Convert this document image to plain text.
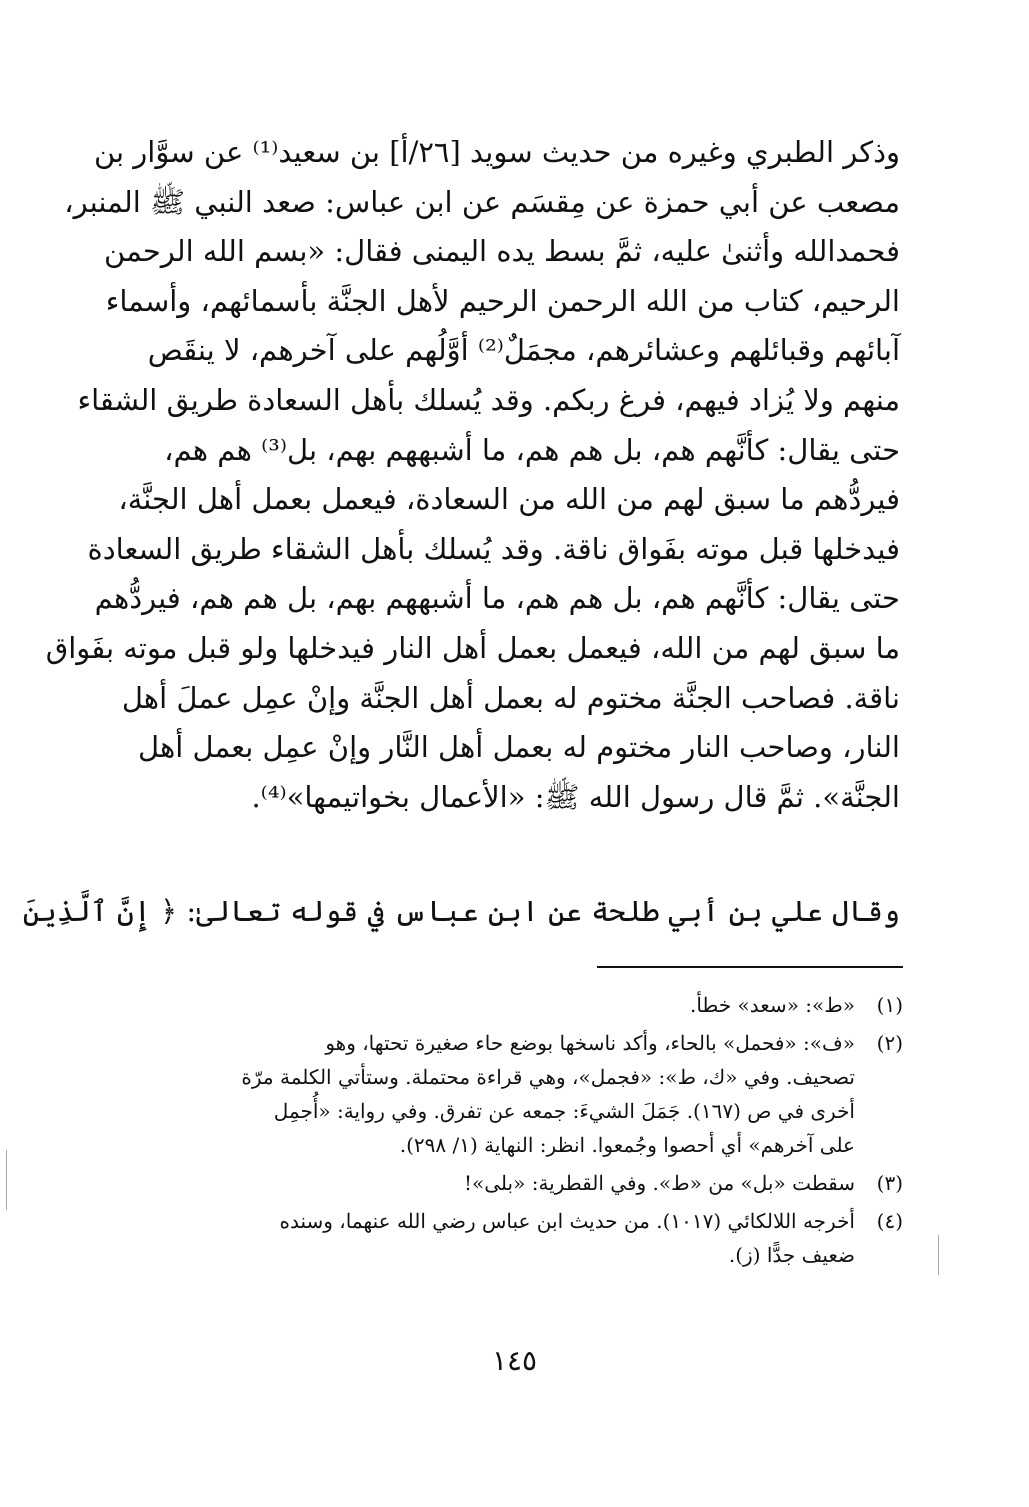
وذكر الطبري وغيره من حديث سويد [٢٦/أ] بن سعيد⁽¹⁾ عن سوَّار بن
مصعب عن أبي حمزة عن مِقسَم عن ابن عباس: صعد النبي ﷺ المنبر،
فحمدالله وأثنىٰ عليه، ثمَّ بسط يده اليمنى فقال: «بسم الله الرحمن
الرحيم، كتاب من الله الرحمن الرحيم لأهل الجنَّة بأسمائهم، وأسماء
آبائهم وقبائلهم وعشائرهم، مجمَلٌ⁽²⁾ أوَّلُهم على آخرهم، لا ينقَص
منهم ولا يُزاد فيهم، فرغ ربكم. وقد يُسلك بأهل السعادة طريق الشقاء
حتى يقال: كأنَّهم هم، بل هم هم، ما أشبههم بهم، بل⁽³⁾ هم هم،
فيردُّهم ما سبق لهم من الله من السعادة، فيعمل بعمل أهل الجنَّة،
فيدخلها قبل موته بفَواق ناقة. وقد يُسلك بأهل الشقاء طريق السعادة
حتى يقال: كأنَّهم هم، بل هم هم، ما أشبههم بهم، بل هم هم، فيردُّهم
ما سبق لهم من الله، فيعمل بعمل أهل النار فيدخلها ولو قبل موته بفَواق
ناقة. فصاحب الجنَّة مختوم له بعمل أهل الجنَّة وإنْ عمِل عملَ أهل
النار، وصاحب النار مختوم له بعمل أهل النَّار وإنْ عمِل بعمل أهل
الجنَّة». ثمَّ قال رسول الله ﷺ: «الأعمال بخواتيمها»⁽⁴⁾.
وقال علي بن أبي طلحة عن ابن عباس في قوله تعالىٰ: ﴿ إِنَّ ٱلَّذِينَ
(١)
«ط»: «سعد» خطأ.
(٢)
«ف»: «فحمل» بالحاء، وأكد ناسخها بوضع حاء صغيرة تحتها، وهو
تصحيف. وفي «ك، ط»: «فجمل»، وهي قراءة محتملة. وستأتي الكلمة مرّة
أخرى في ص (١٦٧). جَمَلَ الشيءَ: جمعه عن تفرق. وفي رواية: «أُجمِل
على آخرهم» أي أحصوا وجُمعوا. انظر: النهاية (١/ ٢٩٨).
(٣)
سقطت «بل» من «ط». وفي القطرية: «بلى»!
(٤)
أخرجه اللالكائي (١٠١٧). من حديث ابن عباس رضي الله عنهما، وسنده
ضعيف جدًّا (ز).
١٤٥
